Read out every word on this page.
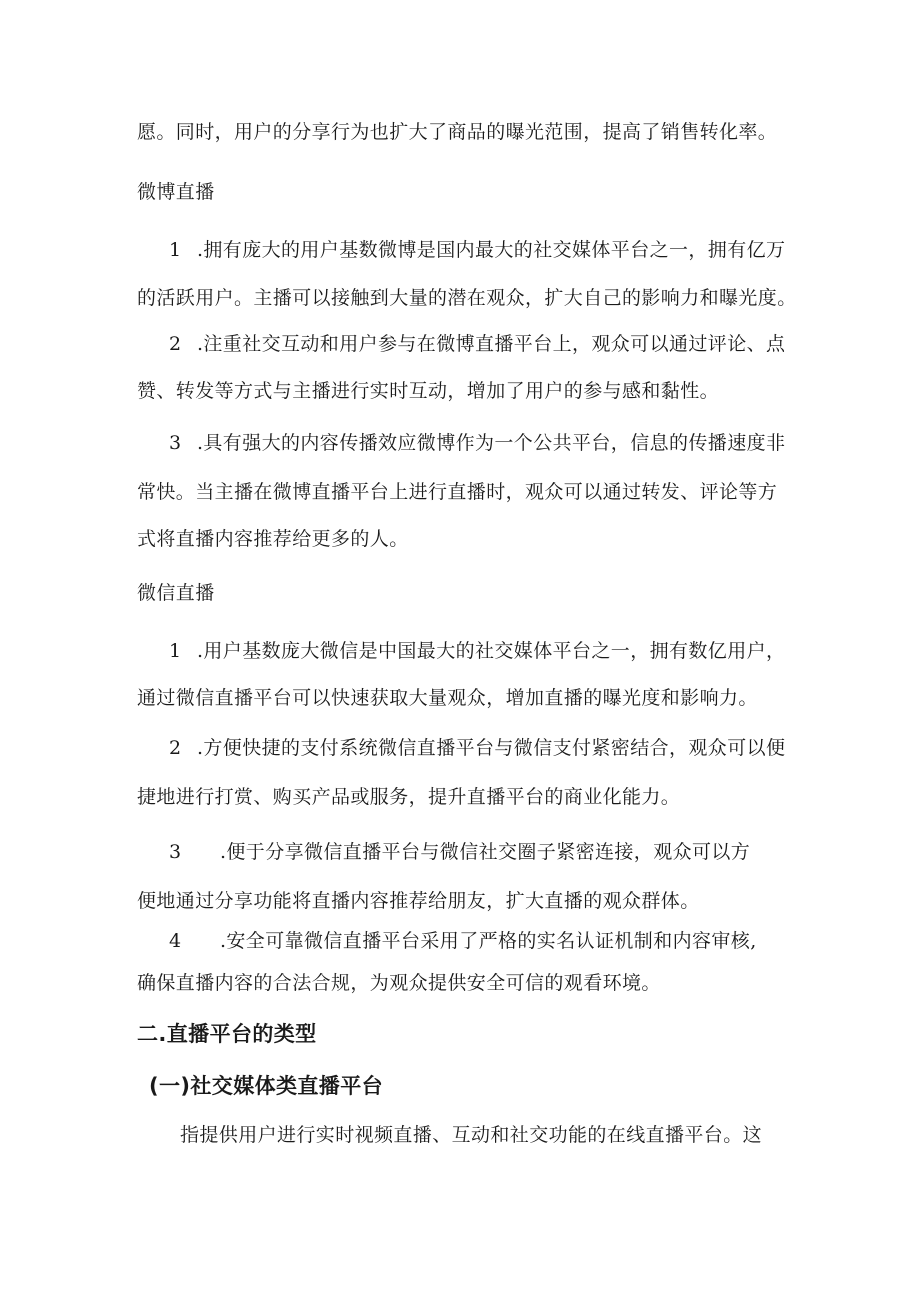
愿。同时，用户的分享行为也扩大了商品的曝光范围，提高了销售转化率。
微博直播
1 .拥有庞大的用户基数微博是国内最大的社交媒体平台之一，拥有亿万
的活跃用户。主播可以接触到大量的潜在观众，扩大自己的影响力和曝光度。
2 .注重社交互动和用户参与在微博直播平台上，观众可以通过评论、点
赞、转发等方式与主播进行实时互动，增加了用户的参与感和黏性。
3 .具有强大的内容传播效应微博作为一个公共平台，信息的传播速度非
常快。当主播在微博直播平台上进行直播时，观众可以通过转发、评论等方
式将直播内容推荐给更多的人。
微信直播
1 .用户基数庞大微信是中国最大的社交媒体平台之一，拥有数亿用户，
通过微信直播平台可以快速获取大量观众，增加直播的曝光度和影响力。
2 .方便快捷的支付系统微信直播平台与微信支付紧密结合，观众可以便
捷地进行打赏、购买产品或服务，提升直播平台的商业化能力。
3 .便于分享微信直播平台与微信社交圈子紧密连接，观众可以方
便地通过分享功能将直播内容推荐给朋友，扩大直播的观众群体。
4 .安全可靠微信直播平台采用了严格的实名认证机制和内容审核,
确保直播内容的合法合规，为观众提供安全可信的观看环境。
二.直播平台的类型
(一)社交媒体类直播平台
指提供用户进行实时视频直播、互动和社交功能的在线直播平台。这
